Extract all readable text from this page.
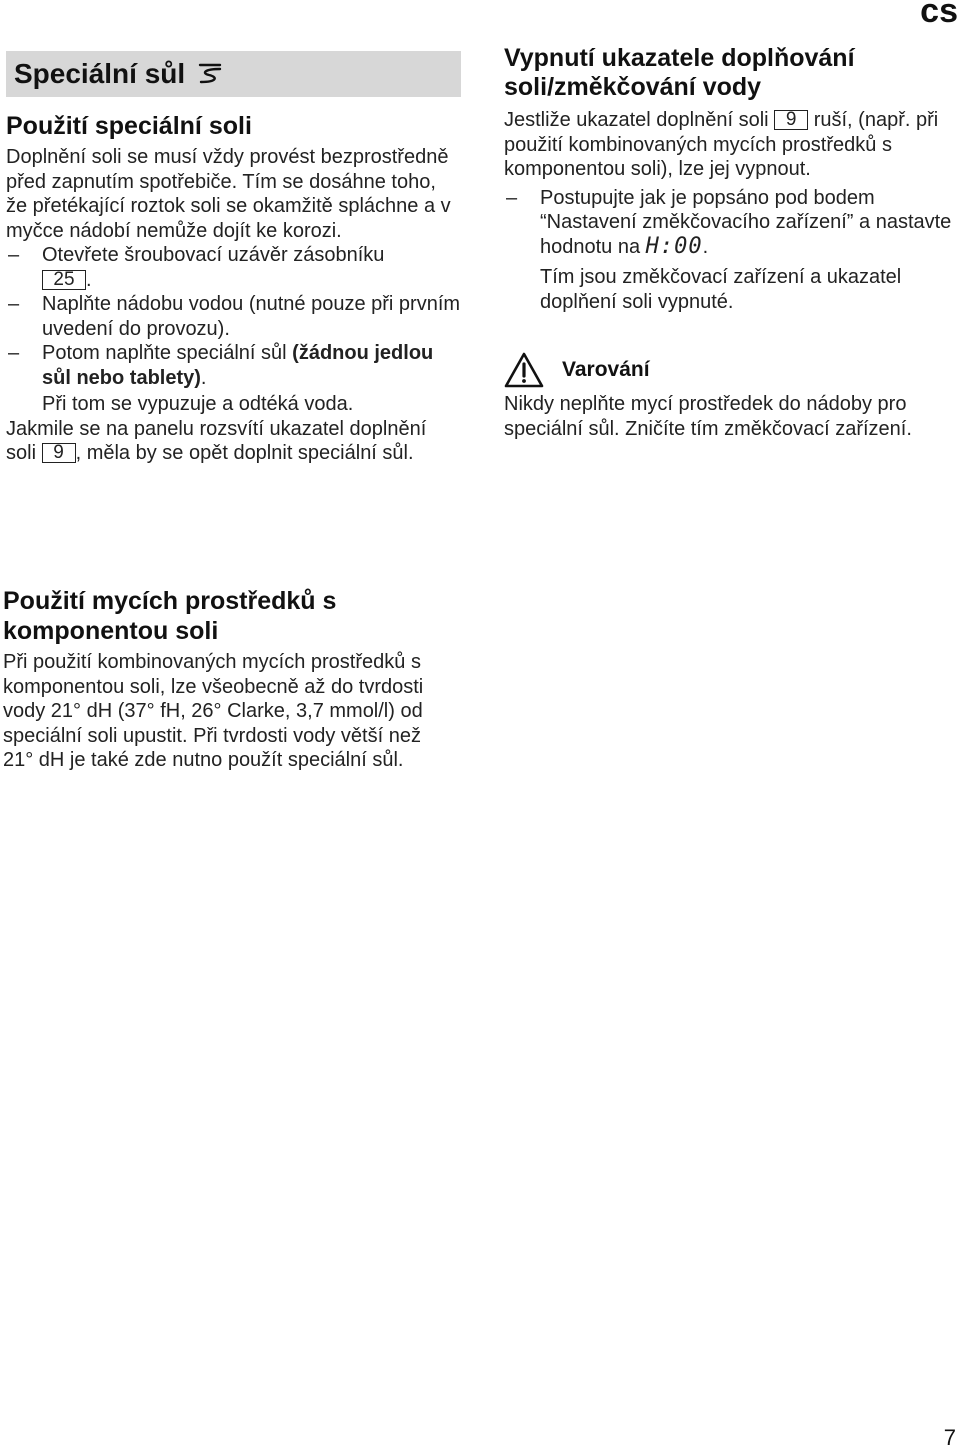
cs
Speciální sůl
Použití speciální soli

Doplnění soli se musí vždy provést bezprostředně před zapnutím spotřebiče. Tím se dosáhne toho, že přetékající roztok soli se okamžitě spláchne a v myčce nádobí nemůže dojít ke korozi.

– Otevřete šroubovací uzávěr zásobníku
25 .
– Naplňte nádobu vodou (nutné pouze při prvním uvedení do provozu).
– Potom naplňte speciální sůl (žádnou jedlou sůl nebo tablety).
Při tom se vypuzuje a odtéká voda.

Jakmile se na panelu rozsvítí ukazatel doplnění soli 9 , měla by se opět doplnit speciální sůl.

Vypnutí ukazatele doplňování soli/změkčování vody

Jestliže ukazatel doplnění soli 9 ruší, (např. při použití kombinovaných mycích prostředků s komponentou soli), lze jej vypnout.

– Postupujte jak je popsáno pod bodem “Nastavení změkčovacího zařízení” a nastavte hodnotu na H:00.
Tím jsou změkčovací zařízení a ukazatel doplňení soli vypnuté.
Varování

Nikdy neplňte mycí prostředek do nádoby pro speciální sůl. Zničíte tím změkčovací zařízení.

Použití mycích prostředků s komponentou soli

Při použití kombinovaných mycích prostředků s komponentou soli, lze všeobecně až do tvrdosti vody 21° dH (37° fH, 26° Clarke, 3,7 mmol/l) od speciální soli upustit. Při tvrdosti vody větší než 21° dH je také zde nutno použít speciální sůl.

7
